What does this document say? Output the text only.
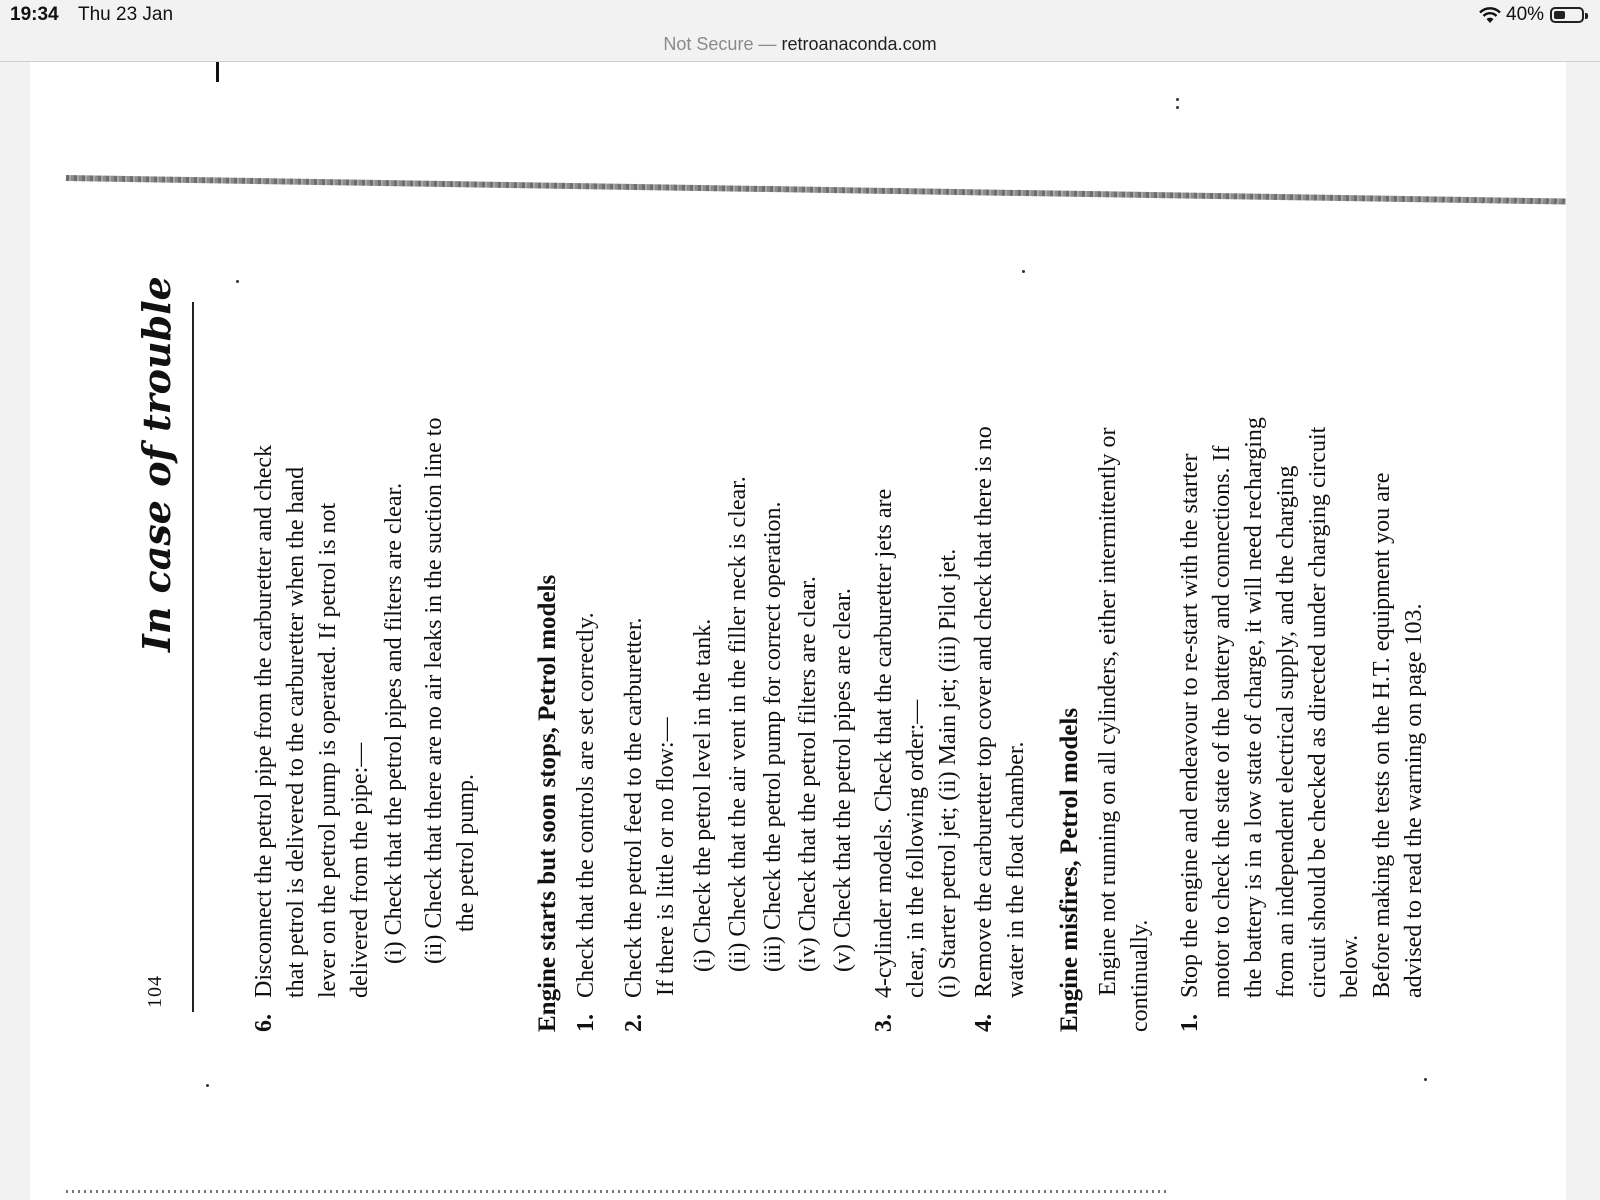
19:34 Thu 23 Jan	40%
Not Secure — retroanaconda.com
104
In case of trouble
6.
Disconnect the petrol pipe from the carburetter and check that petrol is delivered to the carburetter when the hand lever on the petrol pump is operated. If petrol is not delivered from the pipe:— (i) Check that the petrol pipes and filters are clear. (ii) Check that there are no air leaks in the suction line to the petrol pump. Engine starts but soon stops, Petrol models 1.
Check that the controls are set correctly.
2.
Check the petrol feed to the carburetter. If there is little or no flow:— (i) Check the petrol level in the tank. (ii) Check that the air vent in the filler neck is clear. (iii) Check the petrol pump for correct operation. (iv) Check that the petrol filters are clear. (v) Check that the petrol pipes are clear.
3.
4-cylinder models. Check that the carburetter jets are clear, in the following order:— (i) Starter petrol jet; (ii) Main jet; (iii) Pilot jet.
4.
Remove the carburetter top cover and check that there is no water in the float chamber. Engine misfires, Petrol models Engine not running on all cylinders, either intermittently or continually. 1.
Stop the engine and endeavour to re-start with the starter motor to check the state of the battery and connections. If the battery is in a low state of charge, it will need recharging from an independent electrical supply, and the charging circuit should be checked as directed under charging circuit below. Before making the tests on the H.T. equipment you are advised to read the warning on page 103.
